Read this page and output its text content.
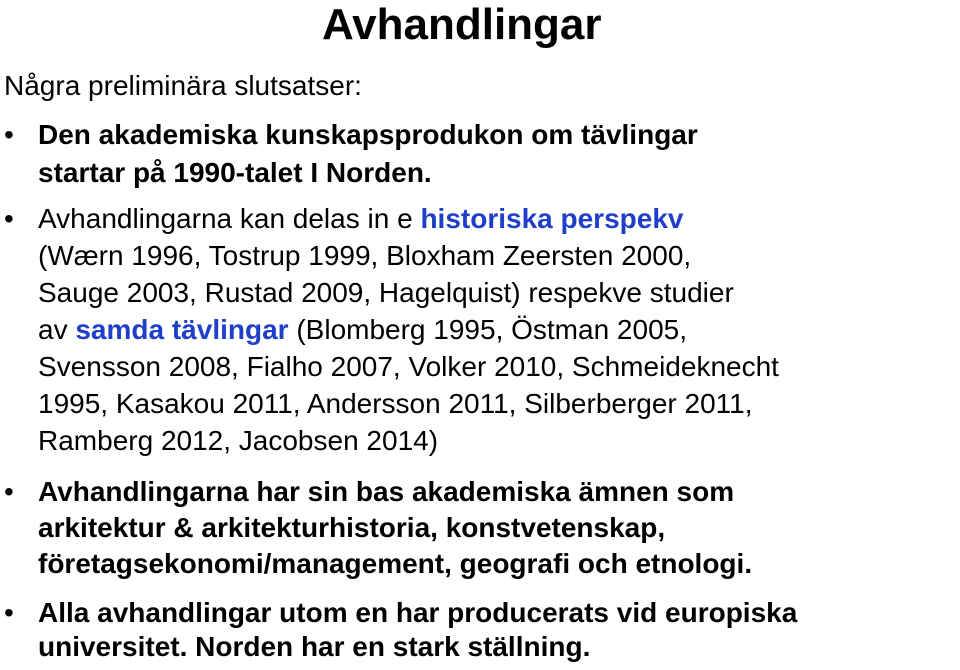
Avhandlingar
Några preliminära slutsatser:
• Den akademiska kunskapsprodukon om tävlingar
startar på 1990-talet I Norden.
• Avhandlingarna kan delas in e historiska perspekv
(Wærn 1996, Tostrup 1999, Bloxham Zeersten 2000,
Sauge 2003, Rustad 2009, Hagelquist) respekve studier
av samda tävlingar (Blomberg 1995, Östman 2005,
Svensson 2008, Fialho 2007, Volker 2010, Schmeideknecht
1995, Kasakou 2011, Andersson 2011, Silberberger 2011,
Ramberg 2012, Jacobsen 2014)
• Avhandlingarna har sin bas akademiska ämnen som
arkitektur & arkitekturhistoria, konstvetenskap,
företagsekonomi/management, geografi och etnologi.
• Alla avhandlingar utom en har producerats vid europiska
universitet. Norden har en stark ställning.
